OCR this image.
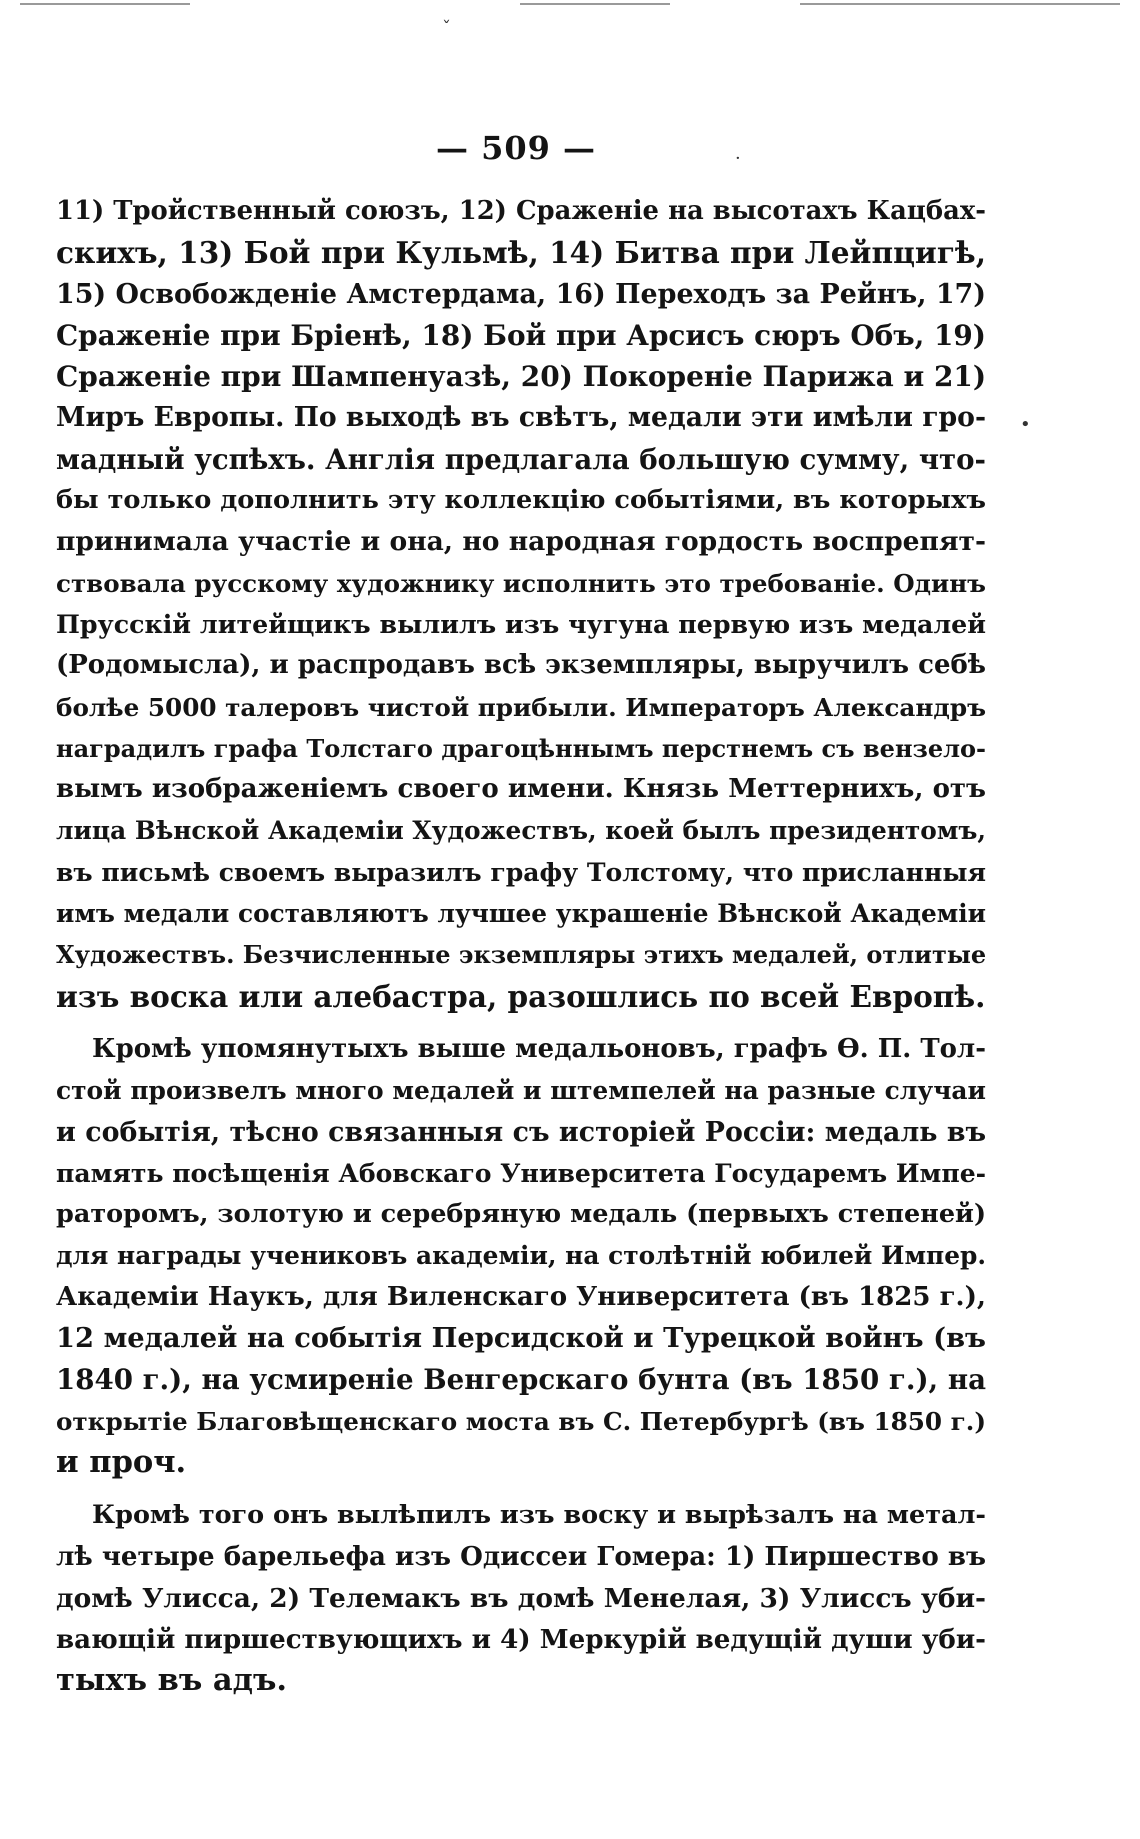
— 509 —
11) Тройственный союзъ, 12) Сраженіе на высотахъ Кацбах-
скихъ, 13) Бой при Кульмѣ, 14) Битва при Лейпцигѣ,
15) Освобожденіе Амстердама, 16) Переходъ за Рейнъ, 17)
Сраженіе при Бріенѣ, 18) Бой при Арсисъ сюръ Объ, 19)
Сраженіе при Шампенуазѣ, 20) Покореніе Парижа и 21)
Миръ Европы. По выходѣ въ свѣтъ, медали эти имѣли гро-
мадный успѣхъ. Англія предлагала большую сумму, что-
бы только дополнить эту коллекцію событіями, въ которыхъ
принимала участіе и она, но народная гордость воспрепят-
ствовала русскому художнику исполнить это требованіе. Одинъ
Прусскій литейщикъ вылилъ изъ чугуна первую изъ медалей
(Родомысла), и распродавъ всѣ экземпляры, выручилъ себѣ
болѣе 5000 талеровъ чистой прибыли. Императоръ Александръ
наградилъ графа Толстаго драгоцѣннымъ перстнемъ съ вензело-
вымъ изображеніемъ своего имени. Князь Меттернихъ, отъ
лица Вѣнской Академіи Художествъ, коей былъ президентомъ,
въ письмѣ своемъ выразилъ графу Толстому, что присланныя
имъ медали составляютъ лучшее украшеніе Вѣнской Академіи
Художествъ. Безчисленные экземпляры этихъ медалей, отлитые
изъ воска или алебастра, разошлись по всей Европѣ.
Кромѣ упомянутыхъ выше медальоновъ, графъ Ѳ. П. Тол-
стой произвелъ много медалей и штемпелей на разные случаи
и событія, тѣсно связанныя съ исторіей Россіи: медаль въ
память посѣщенія Абовскаго Университета Государемъ Импе-
раторомъ, золотую и серебряную медаль (первыхъ степеней)
для награды учениковъ академіи, на столѣтній юбилей Импер.
Академіи Наукъ, для Виленскаго Университета (въ 1825 г.),
12 медалей на событія Персидской и Турецкой войнъ (въ
1840 г.), на усмиреніе Венгерскаго бунта (въ 1850 г.), на
открытіе Благовѣщенскаго моста въ С. Петербургѣ (въ 1850 г.)
и проч.
Кромѣ того онъ вылѣпилъ изъ воску и вырѣзалъ на метал-
лѣ четыре барельефа изъ Одиссеи Гомера: 1) Пиршество въ
домѣ Улисса, 2) Телемакъ въ домѣ Менелая, 3) Улиссъ уби-
вающій пиршествующихъ и 4) Меркурій ведущій души уби-
тыхъ въ адъ.
ˇ
•
·
